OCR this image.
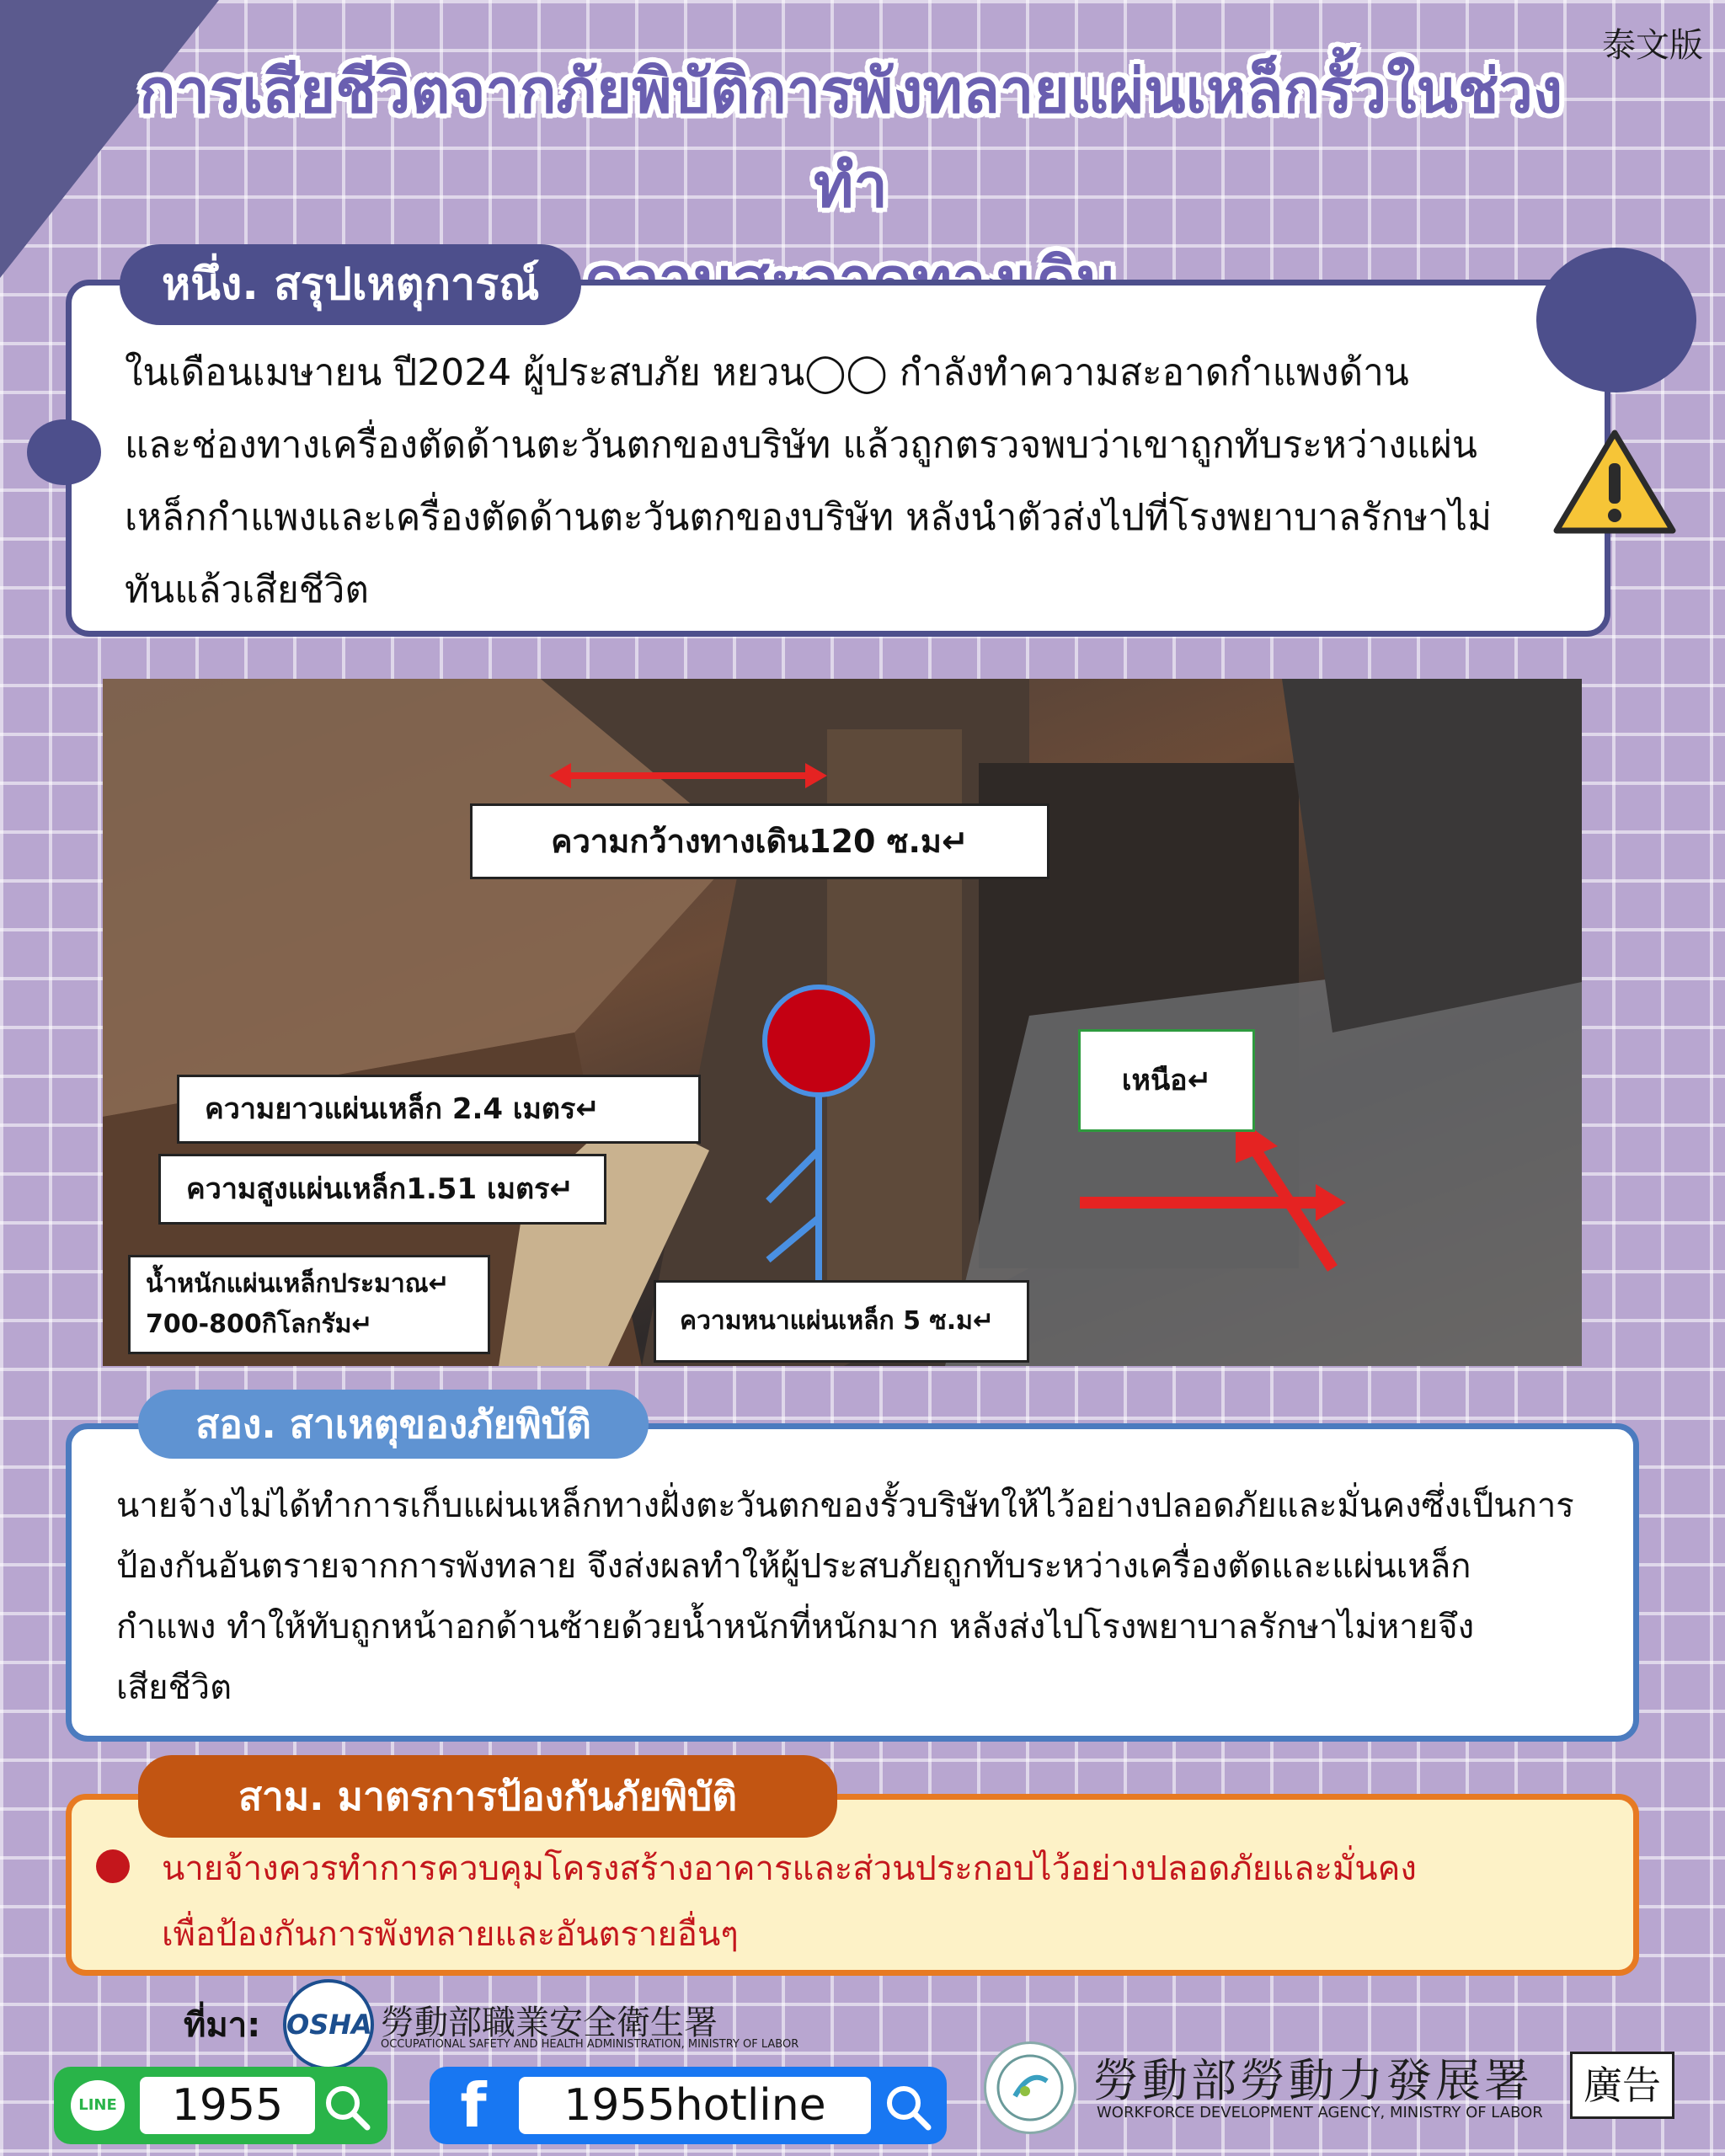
泰文版
การเสียชีวิตจากภัยพิบัติการพังทลายแผ่นเหล็กรั้วในช่วงทำ
หนึ่ง. สรุปเหตุการณ์
ในเดือนเมษายน ปี2024 ผู้ประสบภัย หยวน◯◯ กำลังทำความสะอาดกำแพงด้าน
และช่องทางเครื่องตัดด้านตะวันตกของบริษัท แล้วถูกตรวจพบว่าเขาถูกทับระหว่างแผ่น
เหล็กกำแพงและเครื่องตัดด้านตะวันตกของบริษัท หลังนำตัวส่งไปที่โรงพยาบาลรักษาไม่
ทันแล้วเสียชีวิต
ความกว้างทางเดิน120 ซ.ม↵
ความยาวแผ่นเหล็ก 2.4 เมตร↵
ความสูงแผ่นเหล็ก1.51 เมตร↵
น้ำหนักแผ่นเหล็กประมาณ↵
700-800กิโลกรัม↵	ความหนาแผ่นเหล็ก 5 ซ.ม↵
เหนือ↵
สอง. สาเหตุของภัยพิบัติ
นายจ้างไม่ได้ทำการเก็บแผ่นเหล็กทางฝั่งตะวันตกของรั้วบริษัทให้ไว้อย่างปลอดภัยและมั่นคงซึ่งเป็นการ
ป้องกันอันตรายจากการพังทลาย จึงส่งผลทำให้ผู้ประสบภัยถูกทับระหว่างเครื่องตัดและแผ่นเหล็ก
กำแพง ทำให้ทับถูกหน้าอกด้านซ้ายด้วยน้ำหนักที่หนักมาก หลังส่งไปโรงพยาบาลรักษาไม่หายจึง
เสียชีวิต
สาม. มาตรการป้องกันภัยพิบัติ
นายจ้างควรทำการควบคุมโครงสร้างอาคารและส่วนประกอบไว้อย่างปลอดภัยและมั่นคง
เพื่อป้องกันการพังทลายและอันตรายอื่นๆ
ที่มา: OSHA 勞動部職業安全衛生署
OCCUPATIONAL SAFETY AND HEALTH ADMINISTRATION, MINISTRY OF LABOR
LINE	1955	f	1955hotline	勞動部勞動力發展署
WORKFORCE DEVELOPMENT AGENCY, MINISTRY OF LABOR
廣告
